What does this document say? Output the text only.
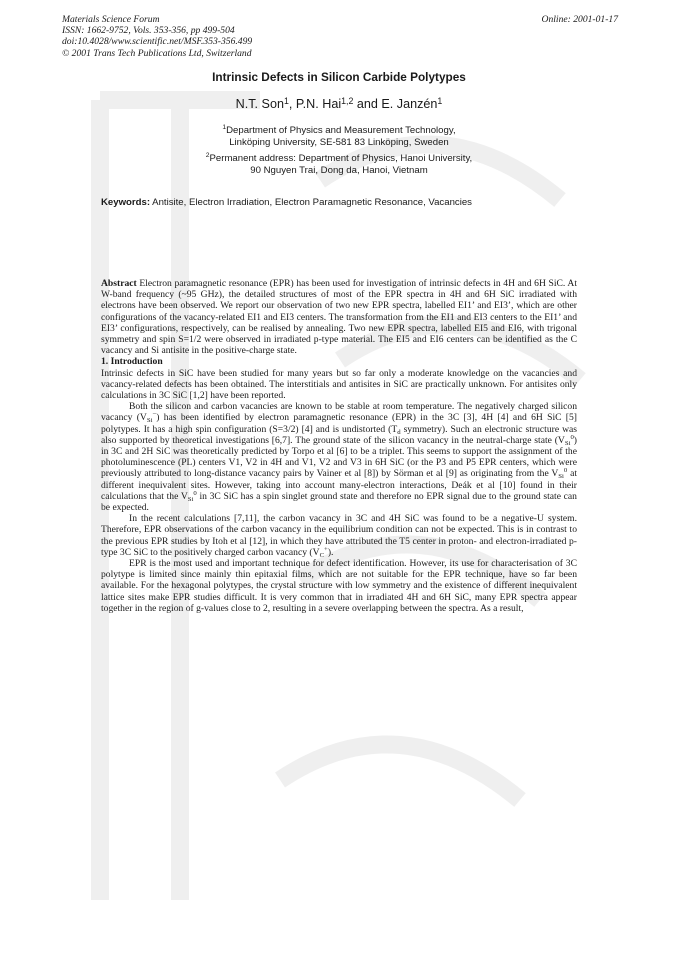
Materials Science Forum
ISSN: 1662-9752, Vols. 353-356, pp 499-504
doi:10.4028/www.scientific.net/MSF.353-356.499
© 2001 Trans Tech Publications Ltd, Switzerland
Online: 2001-01-17
Intrinsic Defects in Silicon Carbide Polytypes
N.T. Son$^1$, P.N. Hai$^{1,2}$ and E. Janzén$^1$
$^1$Department of Physics and Measurement Technology,
Linköping University, SE-581 83 Linköping, Sweden
$^2$Permanent address: Department of Physics, Hanoi University,
90 Nguyen Trai, Dong da, Hanoi, Vietnam
Keywords: Antisite, Electron Irradiation, Electron Paramagnetic Resonance, Vacancies

Abstract Electron paramagnetic resonance (EPR) has been used for investigation of intrinsic defects in 4H and 6H SiC. At W-band frequency (~95 GHz), the detailed structures of most of the EPR spectra in 4H and 6H SiC irradiated with electrons have been observed. We report our observation of two new EPR spectra, labelled EI1’ and EI3’, which are other configurations of the vacancy-related EI1 and EI3 centers. The transformation from the EI1 and EI3 centers to the EI1’ and EI3’ configurations, respectively, can be realised by annealing. Two new EPR spectra, labelled EI5 and EI6, with trigonal symmetry and spin S=1/2 were observed in irradiated p-type material. The EI5 and EI6 centers can be identified as the C vacancy and Si antisite in the positive-charge state.

1. Introduction

Intrinsic defects in SiC have been studied for many years but so far only a moderate knowledge on the vacancies and vacancy-related defects has been obtained. The interstitials and antisites in SiC are practically unknown. For antisites only calculations in 3C SiC [1,2] have been reported.

Both the silicon and carbon vacancies are known to be stable at room temperature. The negatively charged silicon vacancy $(V_{Si}^-)$ has been identified by electron paramagnetic resonance (EPR) in the 3C [3], 4H [4] and 6H SiC [5] polytypes. It has a high spin configuration (S=3/2) [4] and is undistorted ($T_d$ symmetry). Such an electronic structure was also supported by theoretical investigations [6,7]. The ground state of the silicon vacancy in the neutral-charge state $(V_{Si}^0)$ in 3C and 2H SiC was theoretically predicted by Torpo et al [6] to be a triplet. This seems to support the assignment of the photoluminescence (PL) centers V1, V2 in 4H and V1, V2 and V3 in 6H SiC (or the P3 and P5 EPR centers, which were previously attributed to long-distance vacancy pairs by Vainer et al [8]) by Sörman et al [9] as originating from the $V_{Si}^0$ at different inequivalent sites. However, taking into account many-electron interactions, Deák et al [10] found in their calculations that the $V_{Si}^0$ in 3C SiC has a spin singlet ground state and therefore no EPR signal due to the ground state can be expected.

In the recent calculations [7,11], the carbon vacancy in 3C and 4H SiC was found to be a negative-U system. Therefore, EPR observations of the carbon vacancy in the equilibrium condition can not be expected. This is in contrast to the previous EPR studies by Itoh et al [12], in which they have attributed the T5 center in proton- and electron-irradiated p-type 3C SiC to the positively charged carbon vacancy $(V_C^+)$.

EPR is the most used and important technique for defect identification. However, its use for characterisation of 3C polytype is limited since mainly thin epitaxial films, which are not suitable for the EPR technique, have so far been available. For the hexagonal polytypes, the crystal structure with low symmetry and the existence of different inequivalent lattice sites make EPR studies difficult. It is very common that in irradiated 4H and 6H SiC, many EPR spectra appear together in the region of g-values close to 2, resulting in a severe overlapping between the spectra. As a result,
